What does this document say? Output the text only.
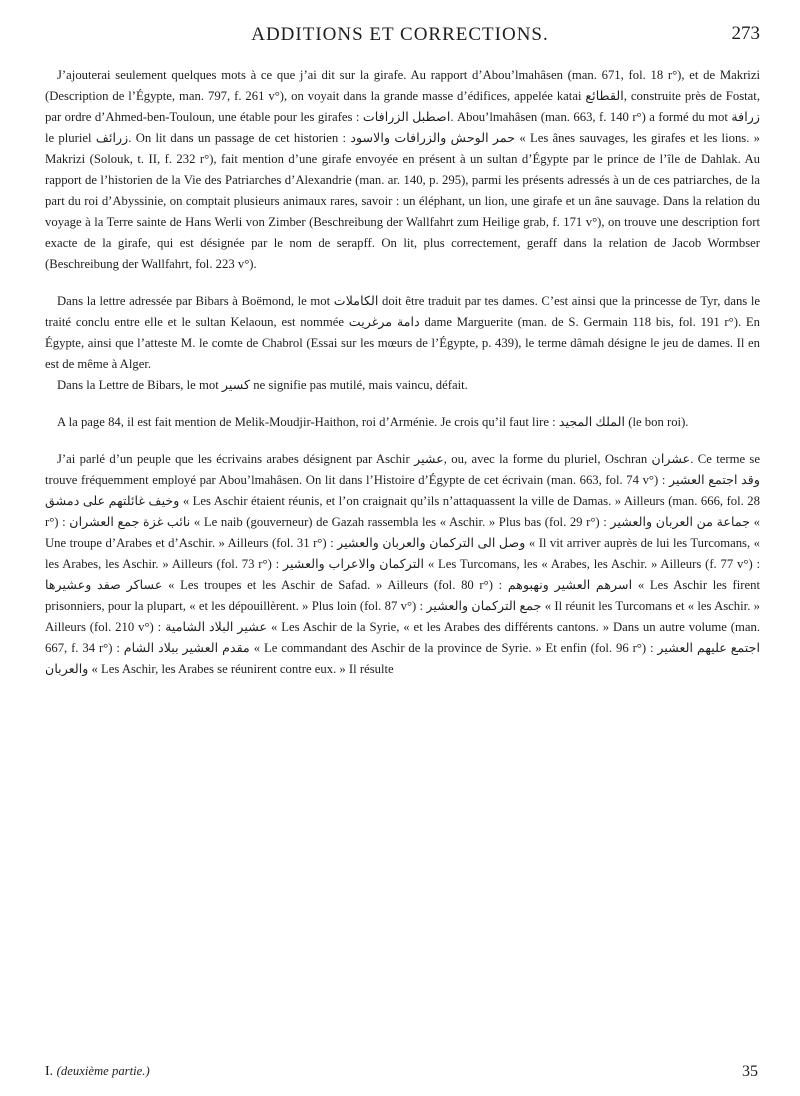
ADDITIONS ET CORRECTIONS.	273

J’ajouterai seulement quelques mots à ce que j’ai dit sur la girafe. Au rapport d’Abou’lmahâsen (man. 671, fol. 18 r°), et de Makrizi (Description de l’Égypte, man. 797, f. 261 v°), on voyait dans la grande masse d’édifices, appelée katai القطائع, construite près de Fostat, par ordre d’Ahmed-ben-Touloun, une étable pour les girafes : اصطبل الزرافات. Abou’lmahâsen (man. 663, f. 140 r°) a formé du mot زرافة le pluriel زرائف. On lit dans un passage de cet historien : حمر الوحش والزرافات والاسود « Les ânes sauvages, les girafes et les lions. » Makrizi (Solouk, t. II, f. 232 r°), fait mention d’une girafe envoyée en présent à un sultan d’Égypte par le prince de l’île de Dahlak. Au rapport de l’historien de la Vie des Patriarches d’Alexandrie (man. ar. 140, p. 295), parmi les présents adressés à un de ces patriarches, de la part du roi d’Abyssinie, on comptait plusieurs animaux rares, savoir : un éléphant, un lion, une girafe et un âne sauvage. Dans la relation du voyage à la Terre sainte de Hans Werli von Zimber (Beschreibung der Wallfahrt zum Heilige grab, f. 171 v°), on trouve une description fort exacte de la girafe, qui est désignée par le nom de serapff. On lit, plus correctement, geraff dans la relation de Jacob Wormbser (Beschreibung der Wallfahrt, fol. 223 v°).

Dans la lettre adressée par Bibars à Boëmond, le mot الكاملات doit être traduit par tes dames. C’est ainsi que la princesse de Tyr, dans le traité conclu entre elle et le sultan Kelaoun, est nommée دامة مرغريت dame Marguerite (man. de S. Germain 118 bis, fol. 191 r°). En Égypte, ainsi que l’atteste M. le comte de Chabrol (Essai sur les mœurs de l’Égypte, p. 439), le terme dâmah désigne le jeu de dames. Il en est de même à Alger.

Dans la Lettre de Bibars, le mot كسير ne signifie pas mutilé, mais vaincu, défait.

A la page 84, il est fait mention de Melik-Moudjir-Haithon, roi d’Arménie. Je crois qu’il faut lire : الملك المجيد (le bon roi).

J’ai parlé d’un peuple que les écrivains arabes désignent par Aschir عشير, ou, avec la forme du pluriel, Oschran عشران. Ce terme se trouve fréquemment employé par Abou’lmahâsen. On lit dans l’Histoire d’Égypte de cet écrivain (man. 663, fol. 74 v°) : وقد اجتمع العشير وخيف غائلتهم على دمشق « Les Aschir étaient réunis, et l’on craignait qu’ils n’attaquassent la ville de Damas. » Ailleurs (man. 666, fol. 28 r°) : نائب غزة جمع العشران « Le naib (gouverneur) de Gazah rassembla les « Aschir. » Plus bas (fol. 29 r°) : جماعة من العربان والعشير « Une troupe d’Arabes et d’Aschir. » Ailleurs (fol. 31 r°) : وصل الى التركمان والعربان والعشير « Il vit arriver auprès de lui les Turcomans, « les Arabes, les Aschir. » Ailleurs (fol. 73 r°) : التركمان والاعراب والعشير « Les Turcomans, les « Arabes, les Aschir. » Ailleurs (f. 77 v°) : عساكر صفد وعشيرها « Les troupes et les Aschir de Safad. » Ailleurs (fol. 80 r°) : اسرهم العشير ونهبوهم « Les Aschir les firent prisonniers, pour la plupart, « et les dépouillèrent. » Plus loin (fol. 87 v°) : جمع التركمان والعشير « Il réunit les Turcomans et « les Aschir. » Ailleurs (fol. 210 v°) : عشير البلاد الشامية « Les Aschir de la Syrie, « et les Arabes des différents cantons. » Dans un autre volume (man. 667, f. 34 r°) : مقدم العشير ببلاد الشام « Le commandant des Aschir de la province de Syrie. » Et enfin (fol. 96 r°) : اجتمع عليهم العشير والعربان « Les Aschir, les Arabes se réunirent contre eux. » Il résulte

I. (deuxième partie.)	35
